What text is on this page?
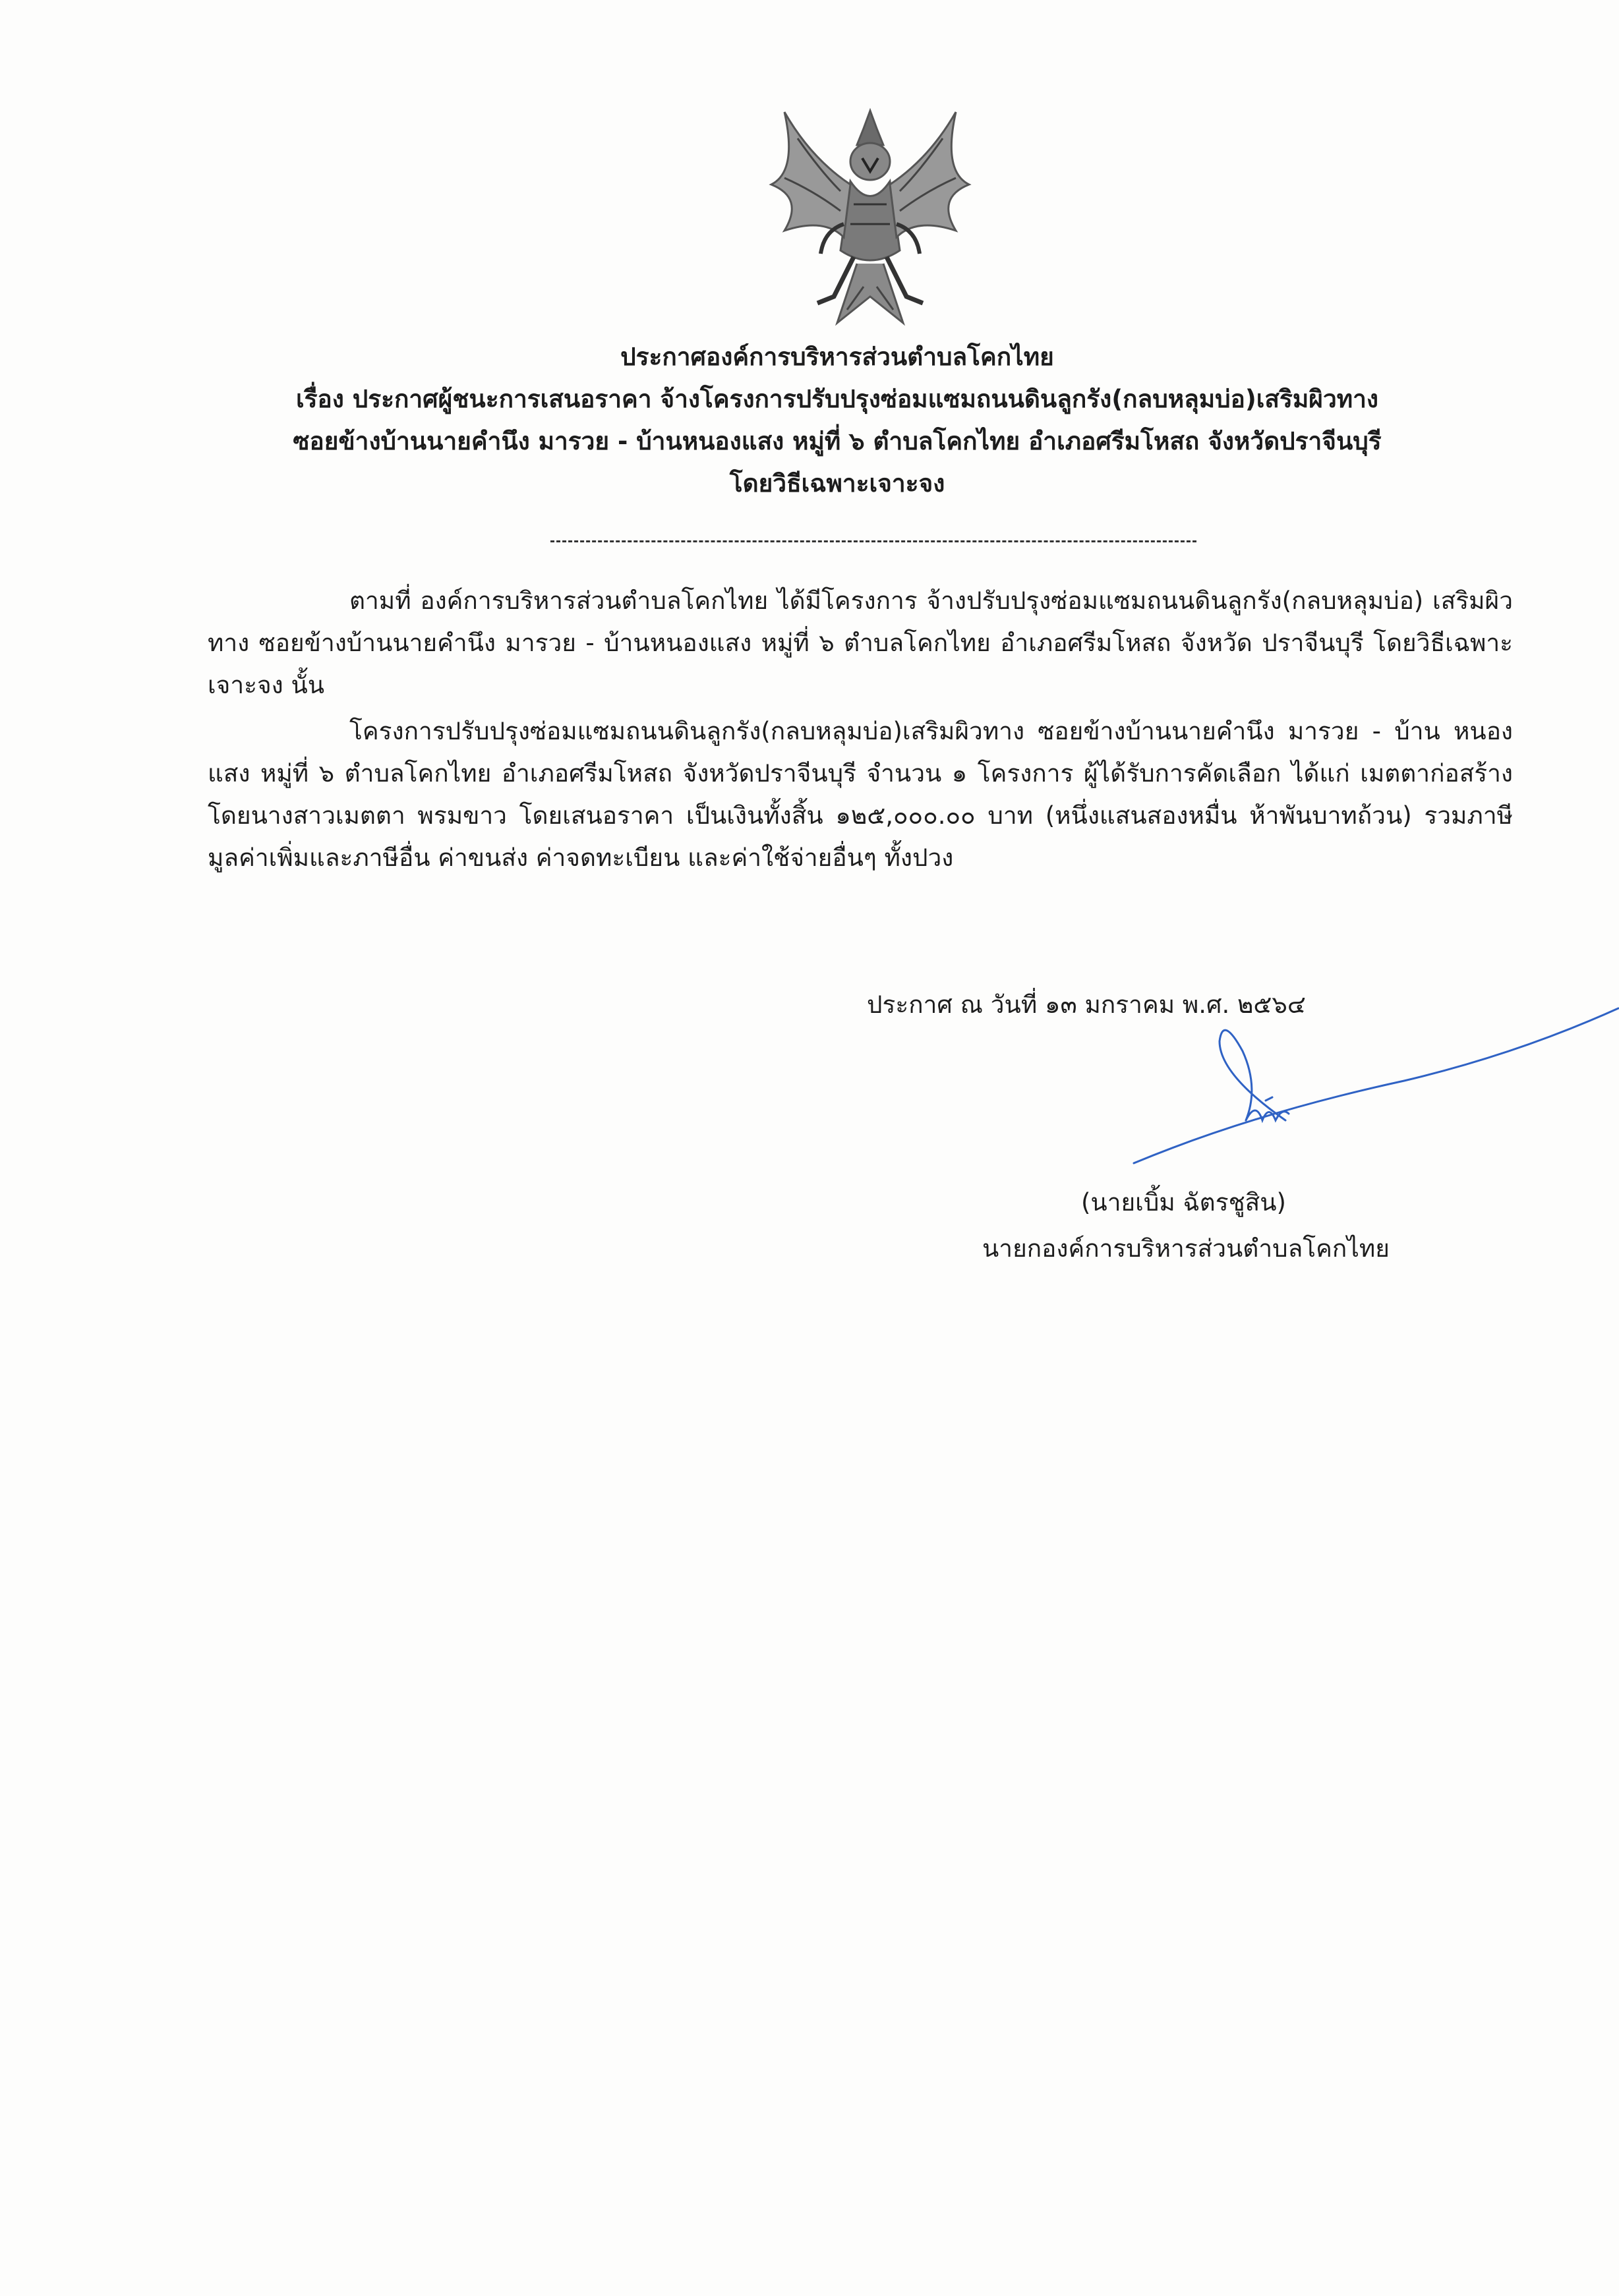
ประกาศองค์การบริหารส่วนตำบลโคกไทย
เรื่อง ประกาศผู้ชนะการเสนอราคา จ้างโครงการปรับปรุงซ่อมแซมถนนดินลูกรัง(กลบหลุมบ่อ)เสริมผิวทาง
ซอยข้างบ้านนายคำนึง มารวย - บ้านหนองแสง หมู่ที่ ๖ ตำบลโคกไทย อำเภอศรีมโหสถ จังหวัดปราจีนบุรี
โดยวิธีเฉพาะเจาะจง

ตามที่ องค์การบริหารส่วนตำบลโคกไทย ได้มีโครงการ จ้างปรับปรุงซ่อมแซมถนนดินลูกรัง(กลบหลุมบ่อ) เสริมผิวทาง ซอยข้างบ้านนายคำนึง มารวย - บ้านหนองแสง หมู่ที่ ๖ ตำบลโคกไทย อำเภอศรีมโหสถ จังหวัด ปราจีนบุรี โดยวิธีเฉพาะเจาะจง นั้น

โครงการปรับปรุงซ่อมแซมถนนดินลูกรัง(กลบหลุมบ่อ)เสริมผิวทาง ซอยข้างบ้านนายคำนึง มารวย - บ้าน หนองแสง หมู่ที่ ๖ ตำบลโคกไทย อำเภอศรีมโหสถ จังหวัดปราจีนบุรี จำนวน ๑ โครงการ ผู้ได้รับการคัดเลือก ได้แก่ เมตตาก่อสร้าง โดยนางสาวเมตตา พรมขาว โดยเสนอราคา เป็นเงินทั้งสิ้น ๑๒๕,๐๐๐.๐๐ บาท (หนึ่งแสนสองหมื่น ห้าพันบาทถ้วน) รวมภาษีมูลค่าเพิ่มและภาษีอื่น ค่าขนส่ง ค่าจดทะเบียน และค่าใช้จ่ายอื่นๆ ทั้งปวง

ประกาศ ณ วันที่ ๑๓ มกราคม พ.ศ. ๒๕๖๔
(นายเบิ้ม ฉัตรชูสิน)
นายกองค์การบริหารส่วนตำบลโคกไทย
